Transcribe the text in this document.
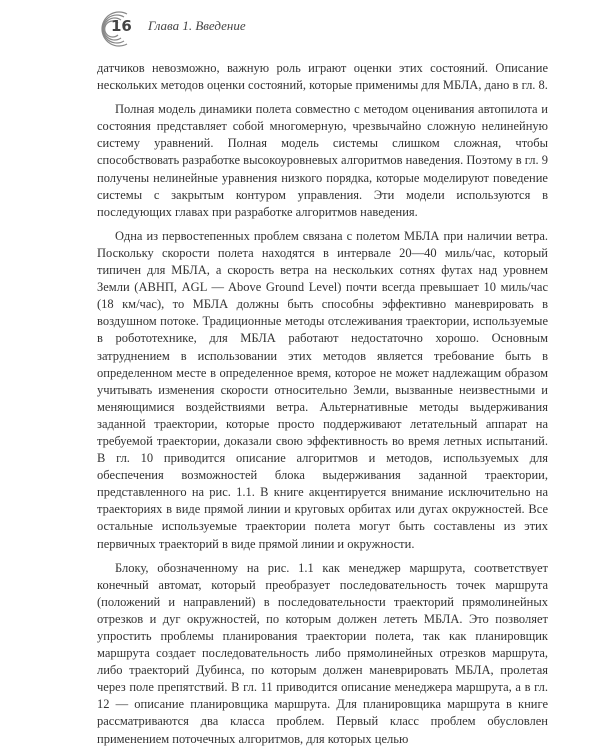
16 Глава 1. Введение

датчиков невозможно, важную роль играют оценки этих состояний. Описание нескольких методов оценки состояний, которые применимы для МБЛА, дано в гл. 8.

Полная модель динамики полета совместно с методом оценивания автопилота и состояния представляет собой многомерную, чрезвычайно сложную нелинейную систему уравнений. Полная модель системы слишком сложная, чтобы способствовать разработке высокоуровневых алгоритмов наведения. Поэтому в гл. 9 получены нелинейные уравнения низкого порядка, которые моделируют поведение системы с закрытым контуром управления. Эти модели используются в последующих главах при разработке алгоритмов наведения.

Одна из первостепенных проблем связана с полетом МБЛА при наличии ветра. Поскольку скорости полета находятся в интервале 20—40 миль/час, который типичен для МБЛА, а скорость ветра на нескольких сотнях футах над уровнем Земли (АВНП, AGL — Above Ground Level) почти всегда превышает 10 миль/час (18 км/час), то МБЛА должны быть способны эффективно маневрировать в воздушном потоке. Традиционные методы отслеживания траектории, используемые в робототехнике, для МБЛА работают недостаточно хорошо. Основным затруднением в использовании этих методов является требование быть в определенном месте в определенное время, которое не может надлежащим образом учитывать изменения скорости относительно Земли, вызванные неизвестными и меняющимися воздействиями ветра. Альтернативные методы выдерживания заданной траектории, которые просто поддерживают летательный аппарат на требуемой траектории, доказали свою эффективность во время летных испытаний. В гл. 10 приводится описание алгоритмов и методов, используемых для обеспечения возможностей блока выдерживания заданной траектории, представленного на рис. 1.1. В книге акцентируется внимание исключительно на траекториях в виде прямой линии и круговых орбитах или дугах окружностей. Все остальные используемые траектории полета могут быть составлены из этих первичных траекторий в виде прямой линии и окружности.

Блоку, обозначенному на рис. 1.1 как менеджер маршрута, соответствует конечный автомат, который преобразует последовательность точек маршрута (положений и направлений) в последовательности траекторий прямолинейных отрезков и дуг окружностей, по которым должен лететь МБЛА. Это позволяет упростить проблемы планирования траектории полета, так как планировщик маршрута создает последовательность либо прямолинейных отрезков маршрута, либо траекторий Дубинса, по которым должен маневрировать МБЛА, пролетая через поле препятствий. В гл. 11 приводится описание менеджера маршрута, а в гл. 12 — описание планировщика маршрута. Для планировщика маршрута в книге рассматриваются два класса проблем. Первый класс проблем обусловлен применением поточечных алгоритмов, для которых целью
